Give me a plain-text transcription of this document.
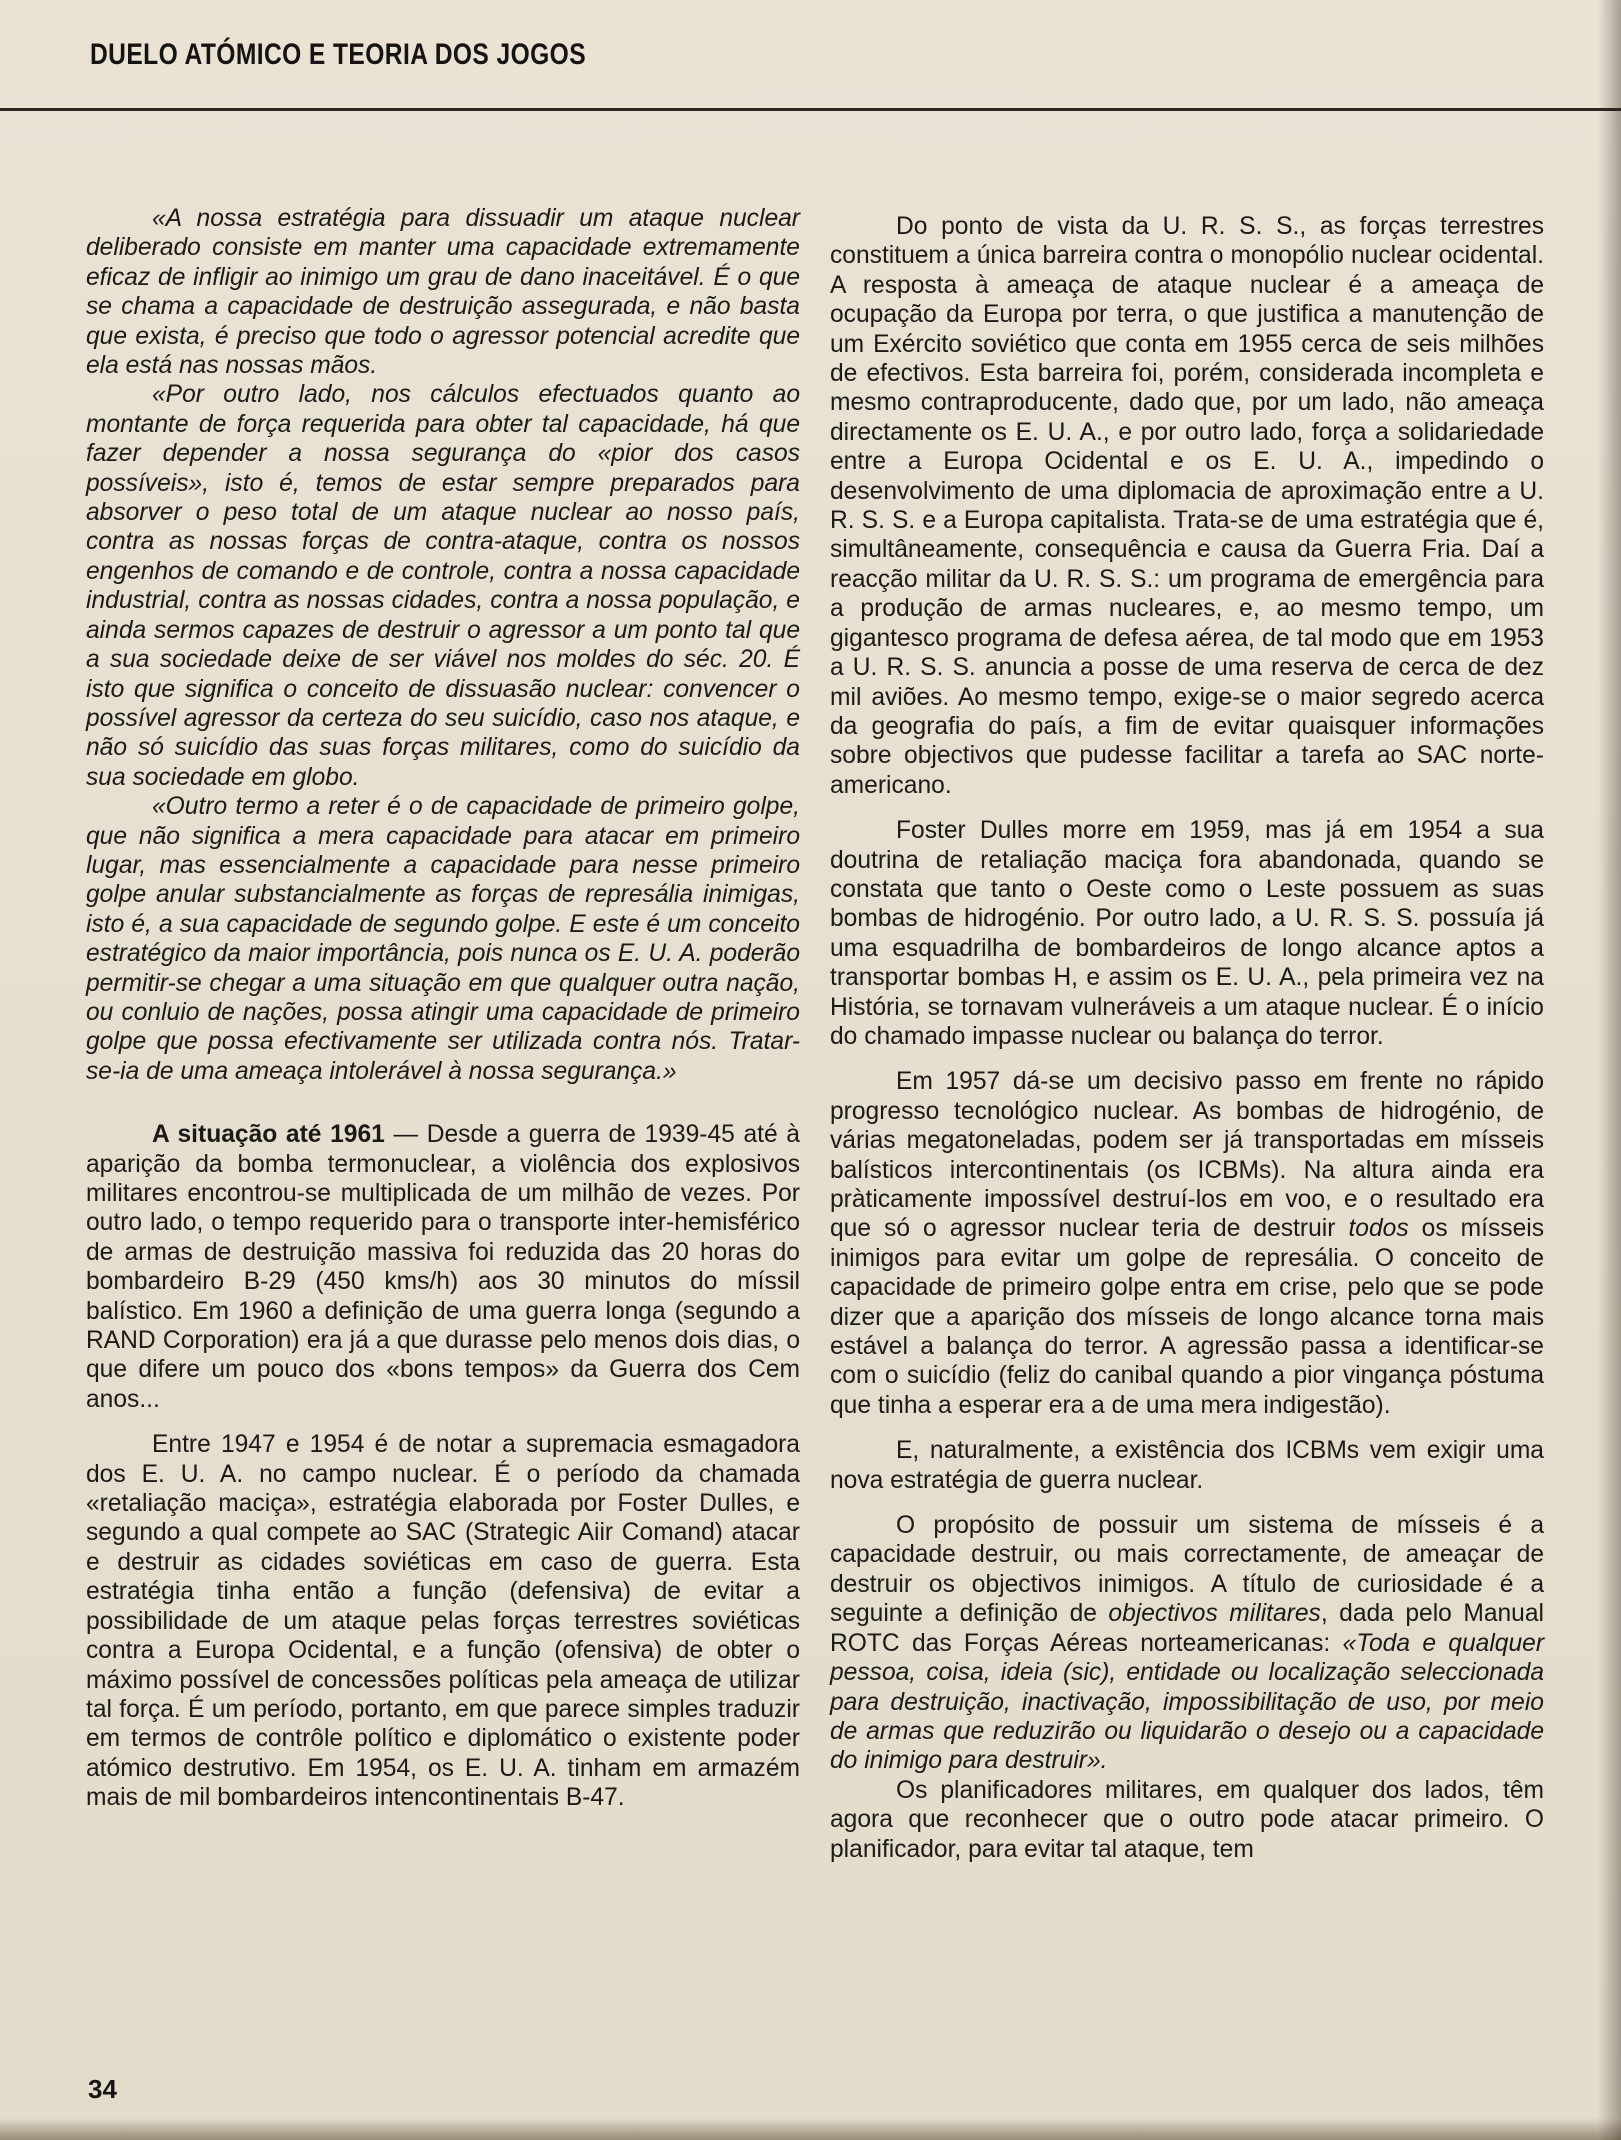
DUELO ATÓMICO E TEORIA DOS JOGOS

«A nossa estratégia para dissuadir um ataque nuclear deliberado consiste em manter uma capacidade extremamente eficaz de infligir ao inimigo um grau de dano inaceitável. É o que se chama a capacidade de destruição assegurada, e não basta que exista, é preciso que todo o agressor potencial acredite que ela está nas nossas mãos.

«Por outro lado, nos cálculos efectuados quanto ao montante de força requerida para obter tal capacidade, há que fazer depender a nossa segurança do «pior dos casos possíveis», isto é, temos de estar sempre preparados para absorver o peso total de um ataque nuclear ao nosso país, contra as nossas forças de contra-ataque, contra os nossos engenhos de comando e de controle, contra a nossa capacidade industrial, contra as nossas cidades, contra a nossa população, e ainda sermos capazes de destruir o agressor a um ponto tal que a sua sociedade deixe de ser viável nos moldes do séc. 20. É isto que significa o conceito de dissuasão nuclear: convencer o possível agressor da certeza do seu suicídio, caso nos ataque, e não só suicídio das suas forças militares, como do suicídio da sua sociedade em globo.

«Outro termo a reter é o de capacidade de primeiro golpe, que não significa a mera capacidade para atacar em primeiro lugar, mas essencialmente a capacidade para nesse primeiro golpe anular substancialmente as forças de represália inimigas, isto é, a sua capacidade de segundo golpe. E este é um conceito estratégico da maior importância, pois nunca os E. U. A. poderão permitir-se chegar a uma situação em que qualquer outra nação, ou conluio de nações, possa atingir uma capacidade de primeiro golpe que possa efectivamente ser utilizada contra nós. Tratar-se-ia de uma ameaça intolerável à nossa segurança.»

A situação até 1961 — Desde a guerra de 1939-45 até à aparição da bomba termonuclear, a violência dos explosivos militares encontrou-se multiplicada de um milhão de vezes. Por outro lado, o tempo requerido para o transporte inter-hemisférico de armas de destruição massiva foi reduzida das 20 horas do bombardeiro B-29 (450 kms/h) aos 30 minutos do míssil balístico. Em 1960 a definição de uma guerra longa (segundo a RAND Corporation) era já a que durasse pelo menos dois dias, o que difere um pouco dos «bons tempos» da Guerra dos Cem anos...

Entre 1947 e 1954 é de notar a supremacia esmagadora dos E. U. A. no campo nuclear. É o período da chamada «retaliação maciça», estratégia elaborada por Foster Dulles, e segundo a qual compete ao SAC (Strategic Aiir Comand) atacar e destruir as cidades soviéticas em caso de guerra. Esta estratégia tinha então a função (defensiva) de evitar a possibilidade de um ataque pelas forças terrestres soviéticas contra a Europa Ocidental, e a função (ofensiva) de obter o máximo possível de concessões políticas pela ameaça de utilizar tal força. É um período, portanto, em que parece simples traduzir em termos de contrôle político e diplomático o existente poder atómico destrutivo. Em 1954, os E. U. A. tinham em armazém mais de mil bombardeiros intencontinentais B-47.

Do ponto de vista da U. R. S. S., as forças terrestres constituem a única barreira contra o monopólio nuclear ocidental. A resposta à ameaça de ataque nuclear é a ameaça de ocupação da Europa por terra, o que justifica a manutenção de um Exército soviético que conta em 1955 cerca de seis milhões de efectivos. Esta barreira foi, porém, considerada incompleta e mesmo contraproducente, dado que, por um lado, não ameaça directamente os E. U. A., e por outro lado, força a solidariedade entre a Europa Ocidental e os E. U. A., impedindo o desenvolvimento de uma diplomacia de aproximação entre a U. R. S. S. e a Europa capitalista. Trata-se de uma estratégia que é, simultâneamente, consequência e causa da Guerra Fria. Daí a reacção militar da U. R. S. S.: um programa de emergência para a produção de armas nucleares, e, ao mesmo tempo, um gigantesco programa de defesa aérea, de tal modo que em 1953 a U. R. S. S. anuncia a posse de uma reserva de cerca de dez mil aviões. Ao mesmo tempo, exige-se o maior segredo acerca da geografia do país, a fim de evitar quaisquer informações sobre objectivos que pudesse facilitar a tarefa ao SAC norte-americano.

Foster Dulles morre em 1959, mas já em 1954 a sua doutrina de retaliação maciça fora abandonada, quando se constata que tanto o Oeste como o Leste possuem as suas bombas de hidrogénio. Por outro lado, a U. R. S. S. possuía já uma esquadrilha de bombardeiros de longo alcance aptos a transportar bombas H, e assim os E. U. A., pela primeira vez na História, se tornavam vulneráveis a um ataque nuclear. É o início do chamado impasse nuclear ou balança do terror.

Em 1957 dá-se um decisivo passo em frente no rápido progresso tecnológico nuclear. As bombas de hidrogénio, de várias megatoneladas, podem ser já transportadas em mísseis balísticos intercontinentais (os ICBMs). Na altura ainda era pràticamente impossível destruí-los em voo, e o resultado era que só o agressor nuclear teria de destruir todos os mísseis inimigos para evitar um golpe de represália. O conceito de capacidade de primeiro golpe entra em crise, pelo que se pode dizer que a aparição dos mísseis de longo alcance torna mais estável a balança do terror. A agressão passa a identificar-se com o suicídio (feliz do canibal quando a pior vingança póstuma que tinha a esperar era a de uma mera indigestão).

E, naturalmente, a existência dos ICBMs vem exigir uma nova estratégia de guerra nuclear.

O propósito de possuir um sistema de mísseis é a capacidade destruir, ou mais correctamente, de ameaçar de destruir os objectivos inimigos. A título de curiosidade é a seguinte a definição de objectivos militares, dada pelo Manual ROTC das Forças Aéreas norteamericanas: «Toda e qualquer pessoa, coisa, ideia (sic), entidade ou localização seleccionada para destruição, inactivação, impossibilitação de uso, por meio de armas que reduzirão ou liquidarão o desejo ou a capacidade do inimigo para destruir».

Os planificadores militares, em qualquer dos lados, têm agora que reconhecer que o outro pode atacar primeiro. O planificador, para evitar tal ataque, tem

34
